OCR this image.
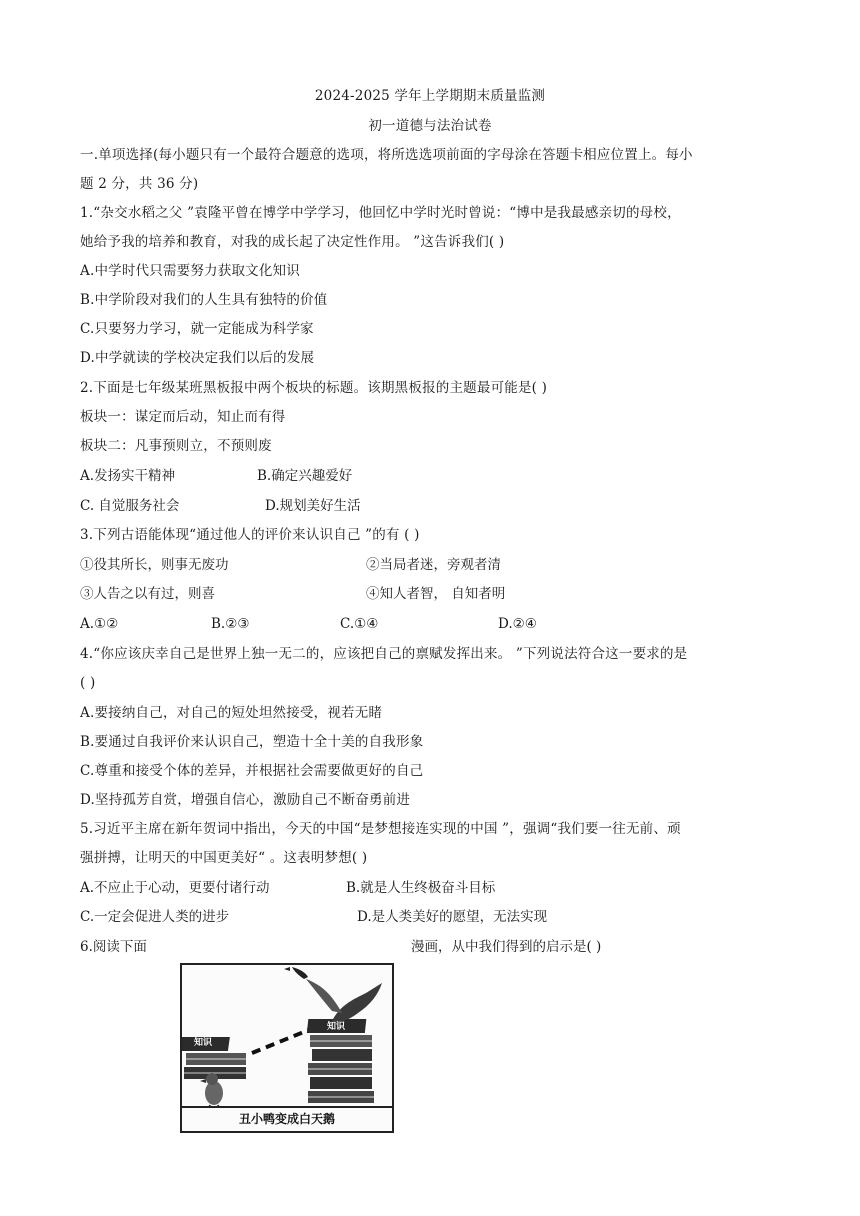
2024-2025 学年上学期期末质量监测
初一道德与法治试卷
一.单项选择(每小题只有一个最符合题意的选项，将所选选项前面的字母涂在答题卡相应位置上。每小
题 2 分，共 36 分)
1.“杂交水稻之父 ”袁隆平曾在博学中学学习，他回忆中学时光时曾说：“博中是我最感亲切的母校，
她给予我的培养和教育，对我的成长起了决定性作用。 ”这告诉我们( )
A.中学时代只需要努力获取文化知识
B.中学阶段对我们的人生具有独特的价值
C.只要努力学习，就一定能成为科学家
D.中学就读的学校决定我们以后的发展
2.下面是七年级某班黑板报中两个板块的标题。该期黑板报的主题最可能是( )
板块一：谋定而后动，知止而有得
板块二：凡事预则立，不预则废
A.发扬实干精神	B.确定兴趣爱好
C. 自觉服务社会	D.规划美好生活
3.下列古语能体现“通过他人的评价来认识自己 ”的有 ( )
①役其所长，则事无废功	②当局者迷，旁观者清
③人告之以有过，则喜	④知人者智， 自知者明
A.①②	B.②③	C.①④	D.②④
4.“你应该庆幸自己是世界上独一无二的，应该把自己的禀赋发挥出来。 ”下列说法符合这一要求的是
( )
A.要接纳自己，对自己的短处坦然接受，视若无睹
B.要通过自我评价来认识自己，塑造十全十美的自我形象
C.尊重和接受个体的差异，并根据社会需要做更好的自己
D.坚持孤芳自赏，增强自信心，激励自己不断奋勇前进
5.习近平主席在新年贺词中指出，今天的中国“是梦想接连实现的中国 ”，强调“我们要一往无前、顽
强拼搏，让明天的中国更美好“ 。这表明梦想( )
A.不应止于心动，更要付诸行动	B.就是人生终极奋斗目标
C.一定会促进人类的进步	D.是人类美好的愿望，无法实现
6.阅读下面	漫画，从中我们得到的启示是( )
知识
知识
丑小鸭变成白天鹅
